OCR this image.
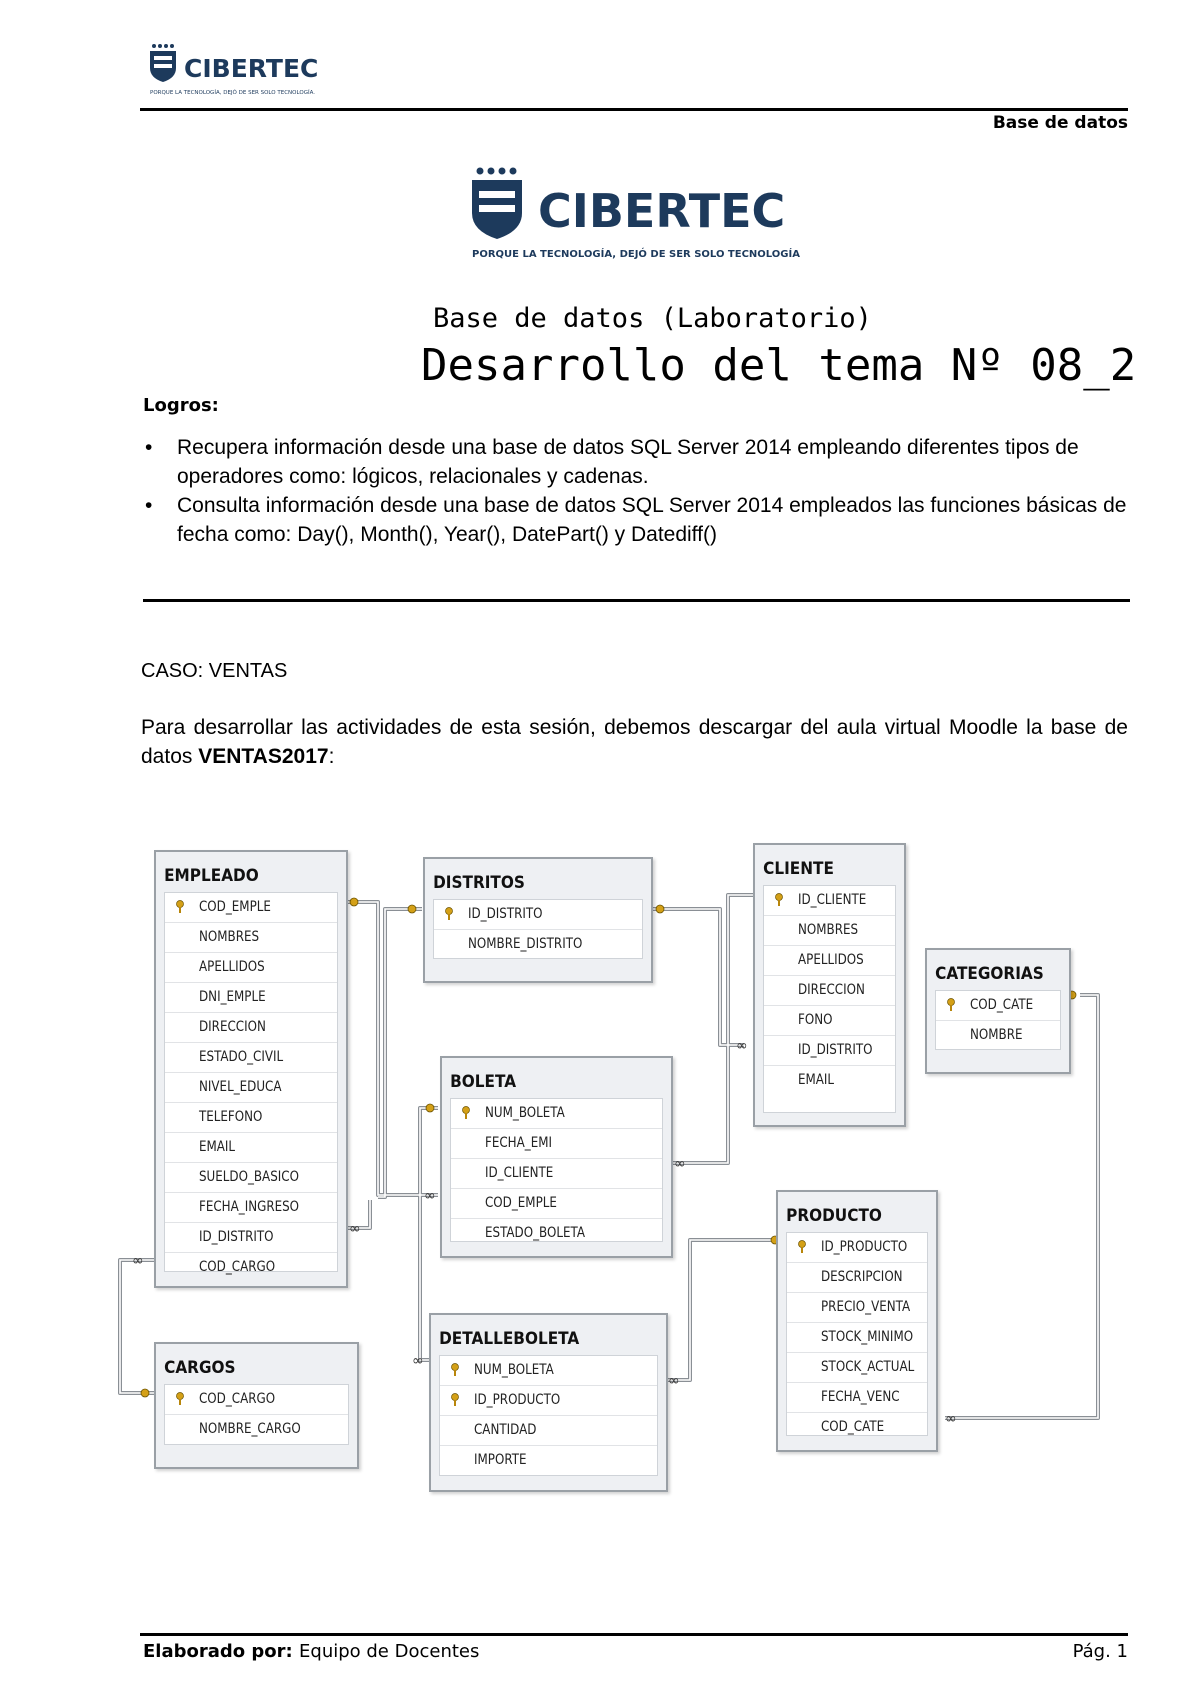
CIBERTEC
PORQUE LA TECNOLOGÍA, DEJÓ DE SER SOLO TECNOLOGÍA.
Base de datos
CIBERTEC
PORQUE LA TECNOLOGÍA, DEJÓ DE SER SOLO TECNOLOGÍA.
Base de datos (Laboratorio)
Desarrollo del tema Nº 08_2
Logros:
• Recupera información desde una base de datos SQL Server 2014 empleando diferentes tipos de operadores como: lógicos, relacionales y cadenas.
• Consulta información desde una base de datos SQL Server 2014 empleados las funciones básicas de fecha como: Day(), Month(), Year(), DatePart() y Datediff()
CASO: VENTAS
Para desarrollar las actividades de esta sesión, debemos descargar del aula virtual Moodle la base de datos VENTAS2017:
∞
∞
∞
∞
∞
∞
∞
∞
EMPLEADO
COD_EMPLE
NOMBRES
APELLIDOS
DNI_EMPLE
DIRECCION
ESTADO_CIVIL
NIVEL_EDUCA
TELEFONO
EMAIL
SUELDO_BASICO
FECHA_INGRESO
ID_DISTRITO
COD_CARGO
DISTRITOS
ID_DISTRITO
NOMBRE_DISTRITO
CLIENTE
ID_CLIENTE
NOMBRES
APELLIDOS
DIRECCION
FONO
ID_DISTRITO
EMAIL
CATEGORIAS
COD_CATE
NOMBRE
BOLETA
NUM_BOLETA
FECHA_EMI
ID_CLIENTE
COD_EMPLE
ESTADO_BOLETA
PRODUCTO
ID_PRODUCTO
DESCRIPCION
PRECIO_VENTA
STOCK_MINIMO
STOCK_ACTUAL
FECHA_VENC
COD_CATE
CARGOS
COD_CARGO
NOMBRE_CARGO
DETALLEBOLETA
NUM_BOLETA
ID_PRODUCTO
CANTIDAD
IMPORTE
Elaborado por: Equipo de Docentes	Pág. 1
